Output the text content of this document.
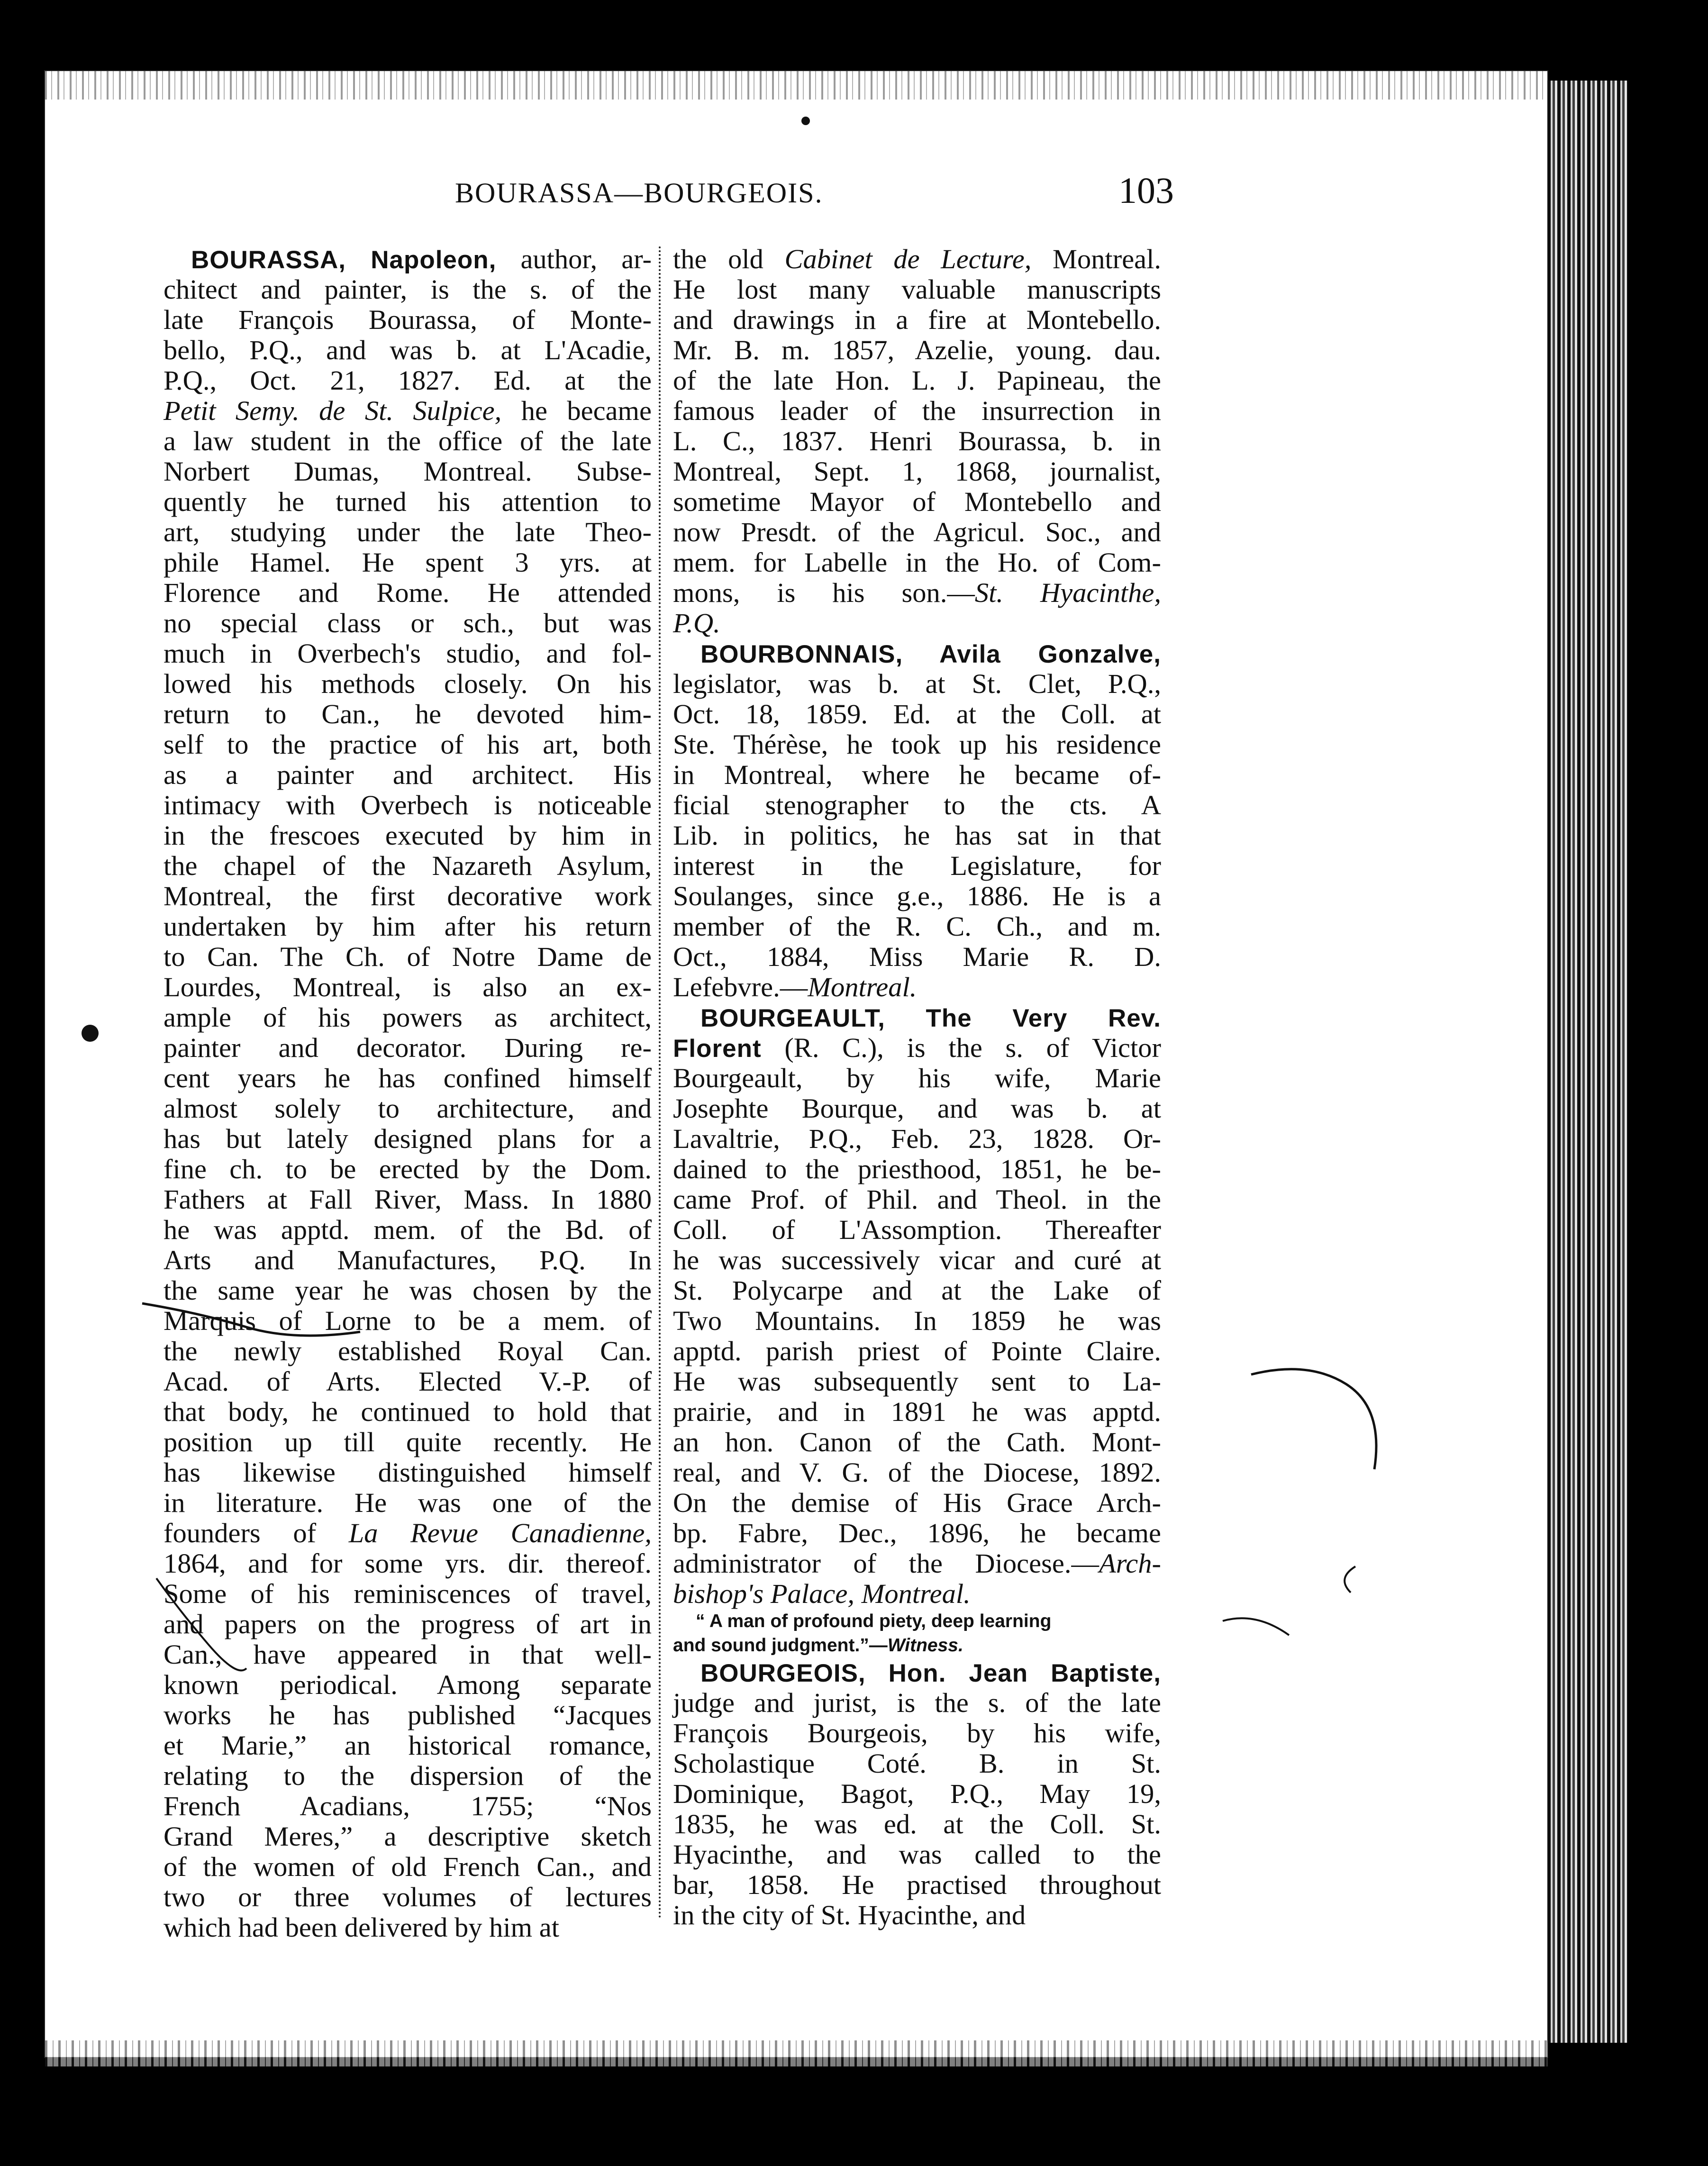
BOURASSA—BOURGEOIS.	103
BOURASSA, Napoleon, author, ar-
chitect and painter, is the s. of the
late François Bourassa, of Monte-
bello, P.Q., and was b. at L'Acadie,
P.Q., Oct. 21, 1827. Ed. at the
Petit Semy. de St. Sulpice, he became
a law student in the office of the late
Norbert Dumas, Montreal. Subse-
quently he turned his attention to
art, studying under the late Theo-
phile Hamel. He spent 3 yrs. at
Florence and Rome. He attended
no special class or sch., but was
much in Overbech's studio, and fol-
lowed his methods closely. On his
return to Can., he devoted him-
self to the practice of his art, both
as a painter and architect. His
intimacy with Overbech is noticeable
in the frescoes executed by him in
the chapel of the Nazareth Asylum,
Montreal, the first decorative work
undertaken by him after his return
to Can. The Ch. of Notre Dame de
Lourdes, Montreal, is also an ex-
ample of his powers as architect,
painter and decorator. During re-
cent years he has confined himself
almost solely to architecture, and
has but lately designed plans for a
fine ch. to be erected by the Dom.
Fathers at Fall River, Mass. In 1880
he was apptd. mem. of the Bd. of
Arts and Manufactures, P.Q. In
the same year he was chosen by the
Marquis of Lorne to be a mem. of
the newly established Royal Can.
Acad. of Arts. Elected V.-P. of
that body, he continued to hold that
position up till quite recently. He
has likewise distinguished himself
in literature. He was one of the
founders of La Revue Canadienne,
1864, and for some yrs. dir. thereof.
Some of his reminiscences of travel,
and papers on the progress of art in
Can., have appeared in that well-
known periodical. Among separate
works he has published “Jacques
et Marie,” an historical romance,
relating to the dispersion of the
French Acadians, 1755; “Nos
Grand Meres,” a descriptive sketch
of the women of old French Can., and
two or three volumes of lectures
which had been delivered by him at
the old Cabinet de Lecture, Montreal.
He lost many valuable manuscripts
and drawings in a fire at Montebello.
Mr. B. m. 1857, Azelie, young. dau.
of the late Hon. L. J. Papineau, the
famous leader of the insurrection in
L. C., 1837. Henri Bourassa, b. in
Montreal, Sept. 1, 1868, journalist,
sometime Mayor of Montebello and
now Presdt. of the Agricul. Soc., and
mem. for Labelle in the Ho. of Com-
mons, is his son.—St. Hyacinthe,
P.Q.
BOURBONNAIS, Avila Gonzalve,
legislator, was b. at St. Clet, P.Q.,
Oct. 18, 1859. Ed. at the Coll. at
Ste. Thérèse, he took up his residence
in Montreal, where he became of-
ficial stenographer to the cts. A
Lib. in politics, he has sat in that
interest in the Legislature, for
Soulanges, since g.e., 1886. He is a
member of the R. C. Ch., and m.
Oct., 1884, Miss Marie R. D.
Lefebvre.—Montreal.
BOURGEAULT, The Very Rev.
Florent (R. C.), is the s. of Victor
Bourgeault, by his wife, Marie
Josephte Bourque, and was b. at
Lavaltrie, P.Q., Feb. 23, 1828. Or-
dained to the priesthood, 1851, he be-
came Prof. of Phil. and Theol. in the
Coll. of L'Assomption. Thereafter
he was successively vicar and curé at
St. Polycarpe and at the Lake of
Two Mountains. In 1859 he was
apptd. parish priest of Pointe Claire.
He was subsequently sent to La-
prairie, and in 1891 he was apptd.
an hon. Canon of the Cath. Mont-
real, and V. G. of the Diocese, 1892.
On the demise of His Grace Arch-
bp. Fabre, Dec., 1896, he became
administrator of the Diocese.—Arch-
bishop's Palace, Montreal.
“ A man of profound piety, deep learning
and sound judgment.”—Witness.
BOURGEOIS, Hon. Jean Baptiste,
judge and jurist, is the s. of the late
François Bourgeois, by his wife,
Scholastique Coté. B. in St.
Dominique, Bagot, P.Q., May 19,
1835, he was ed. at the Coll. St.
Hyacinthe, and was called to the
bar, 1858. He practised throughout
in the city of St. Hyacinthe, and
